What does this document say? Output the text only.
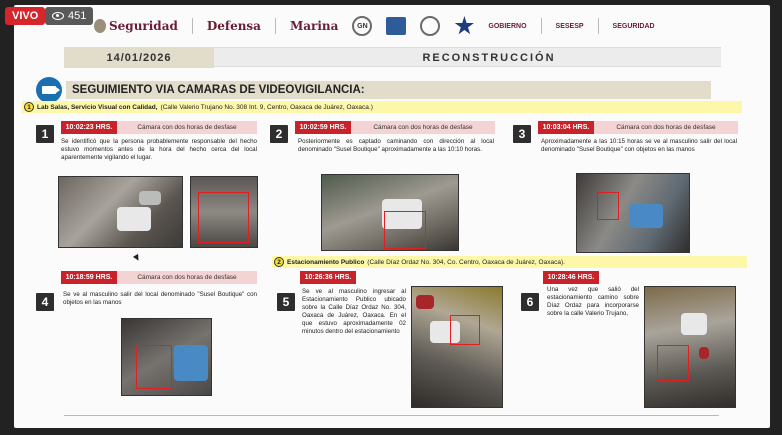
VIVO	451
Seguridad Defensa Marina	GN	GOBIERNO	SESESP	SEGURIDAD
14/01/2026	RECONSTRUCCIÓN
SEGUIMIENTO VIA CAMARAS DE VIDEOVIGILANCIA:
1 Lab Salas, Servicio Visual con Calidad, (Calle Valerio Trujano No. 308 Int. 9, Centro, Oaxaca de Juárez, Oaxaca.)
1	10:02:23 HRS.	Cámara con dos horas de desfase
Se identificó que la persona probablemente responsable del hecho estuvo momentos antes de la hora del hecho cerca del local aparentemente vigilando el lugar.
2	10:02:59 HRS.	Cámara con dos horas de desfase
Posteriormente es captado caminando con dirección al local denominado "Susel Boutique" aproximadamente a las 10:10 horas.
3	10:03:04 HRS.	Cámara con dos horas de desfase
Aproximadamente a las 10:15 horas se ve al masculino salir del local denominado "Susel Boutique" con objetos en las manos
2 Estacionamiento Publico (Calle Díaz Ordaz No. 304, Co. Centro, Oaxaca de Juárez, Oaxaca).
10:18:59 HRS.	Cámara con dos horas de desfase
4
Se ve al masculino salir del local denominado "Susel Boutique" con objetos en las manos	5
10:26:36 HRS.
Se ve al masculino ingresar al Estacionamiento Publico ubicado sobre la Calle Díaz Ordaz No. 304, Oaxaca de Juárez, Oaxaca. En el que estuvo aproximadamente 02 minutos dentro del estacionamiento
6
10:28:46 HRS.
Una vez que salió del estacionamiento camino sobre Díaz Ordaz para incorporarse sobre la calle Valerio Trujano,
